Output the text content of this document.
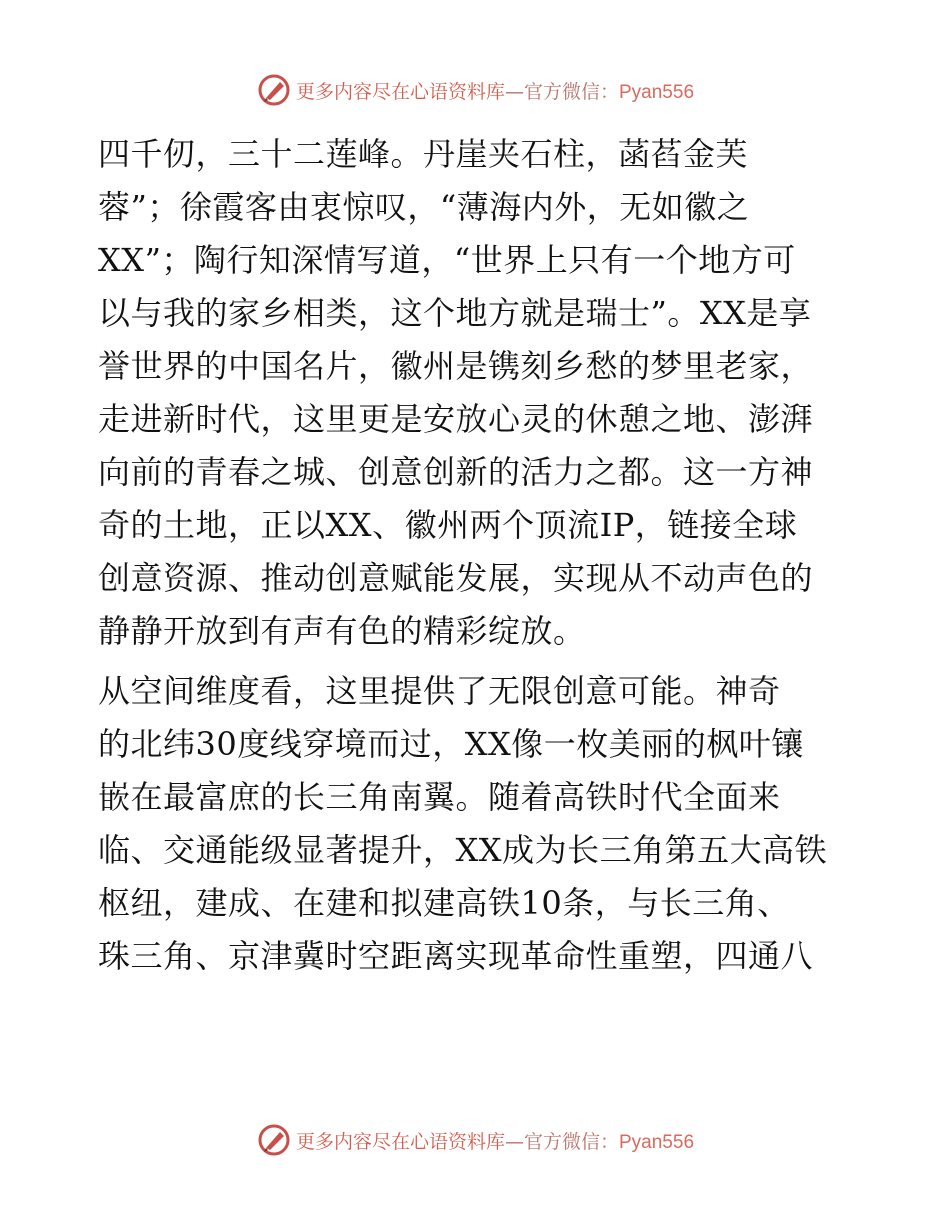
更多内容尽在心语资料库—官方微信：Pyan556

四千仞，三十二莲峰。丹崖夹石柱，菡萏金芙
蓉”；徐霞客由衷惊叹，“薄海内外，无如徽之
XX”；陶行知深情写道，“世界上只有一个地方可
以与我的家乡相类，这个地方就是瑞士”。XX是享
誉世界的中国名片，徽州是镌刻乡愁的梦里老家，
走进新时代，这里更是安放心灵的休憩之地、澎湃
向前的青春之城、创意创新的活力之都。这一方神
奇的土地，正以XX、徽州两个顶流IP，链接全球
创意资源、推动创意赋能发展，实现从不动声色的
静静开放到有声有色的精彩绽放。

从空间维度看，这里提供了无限创意可能。神奇
的北纬30度线穿境而过，XX像一枚美丽的枫叶镶
嵌在最富庶的长三角南翼。随着高铁时代全面来
临、交通能级显著提升，XX成为长三角第五大高铁
枢纽，建成、在建和拟建高铁10条，与长三角、
珠三角、京津冀时空距离实现革命性重塑，四通八

更多内容尽在心语资料库—官方微信：Pyan556
